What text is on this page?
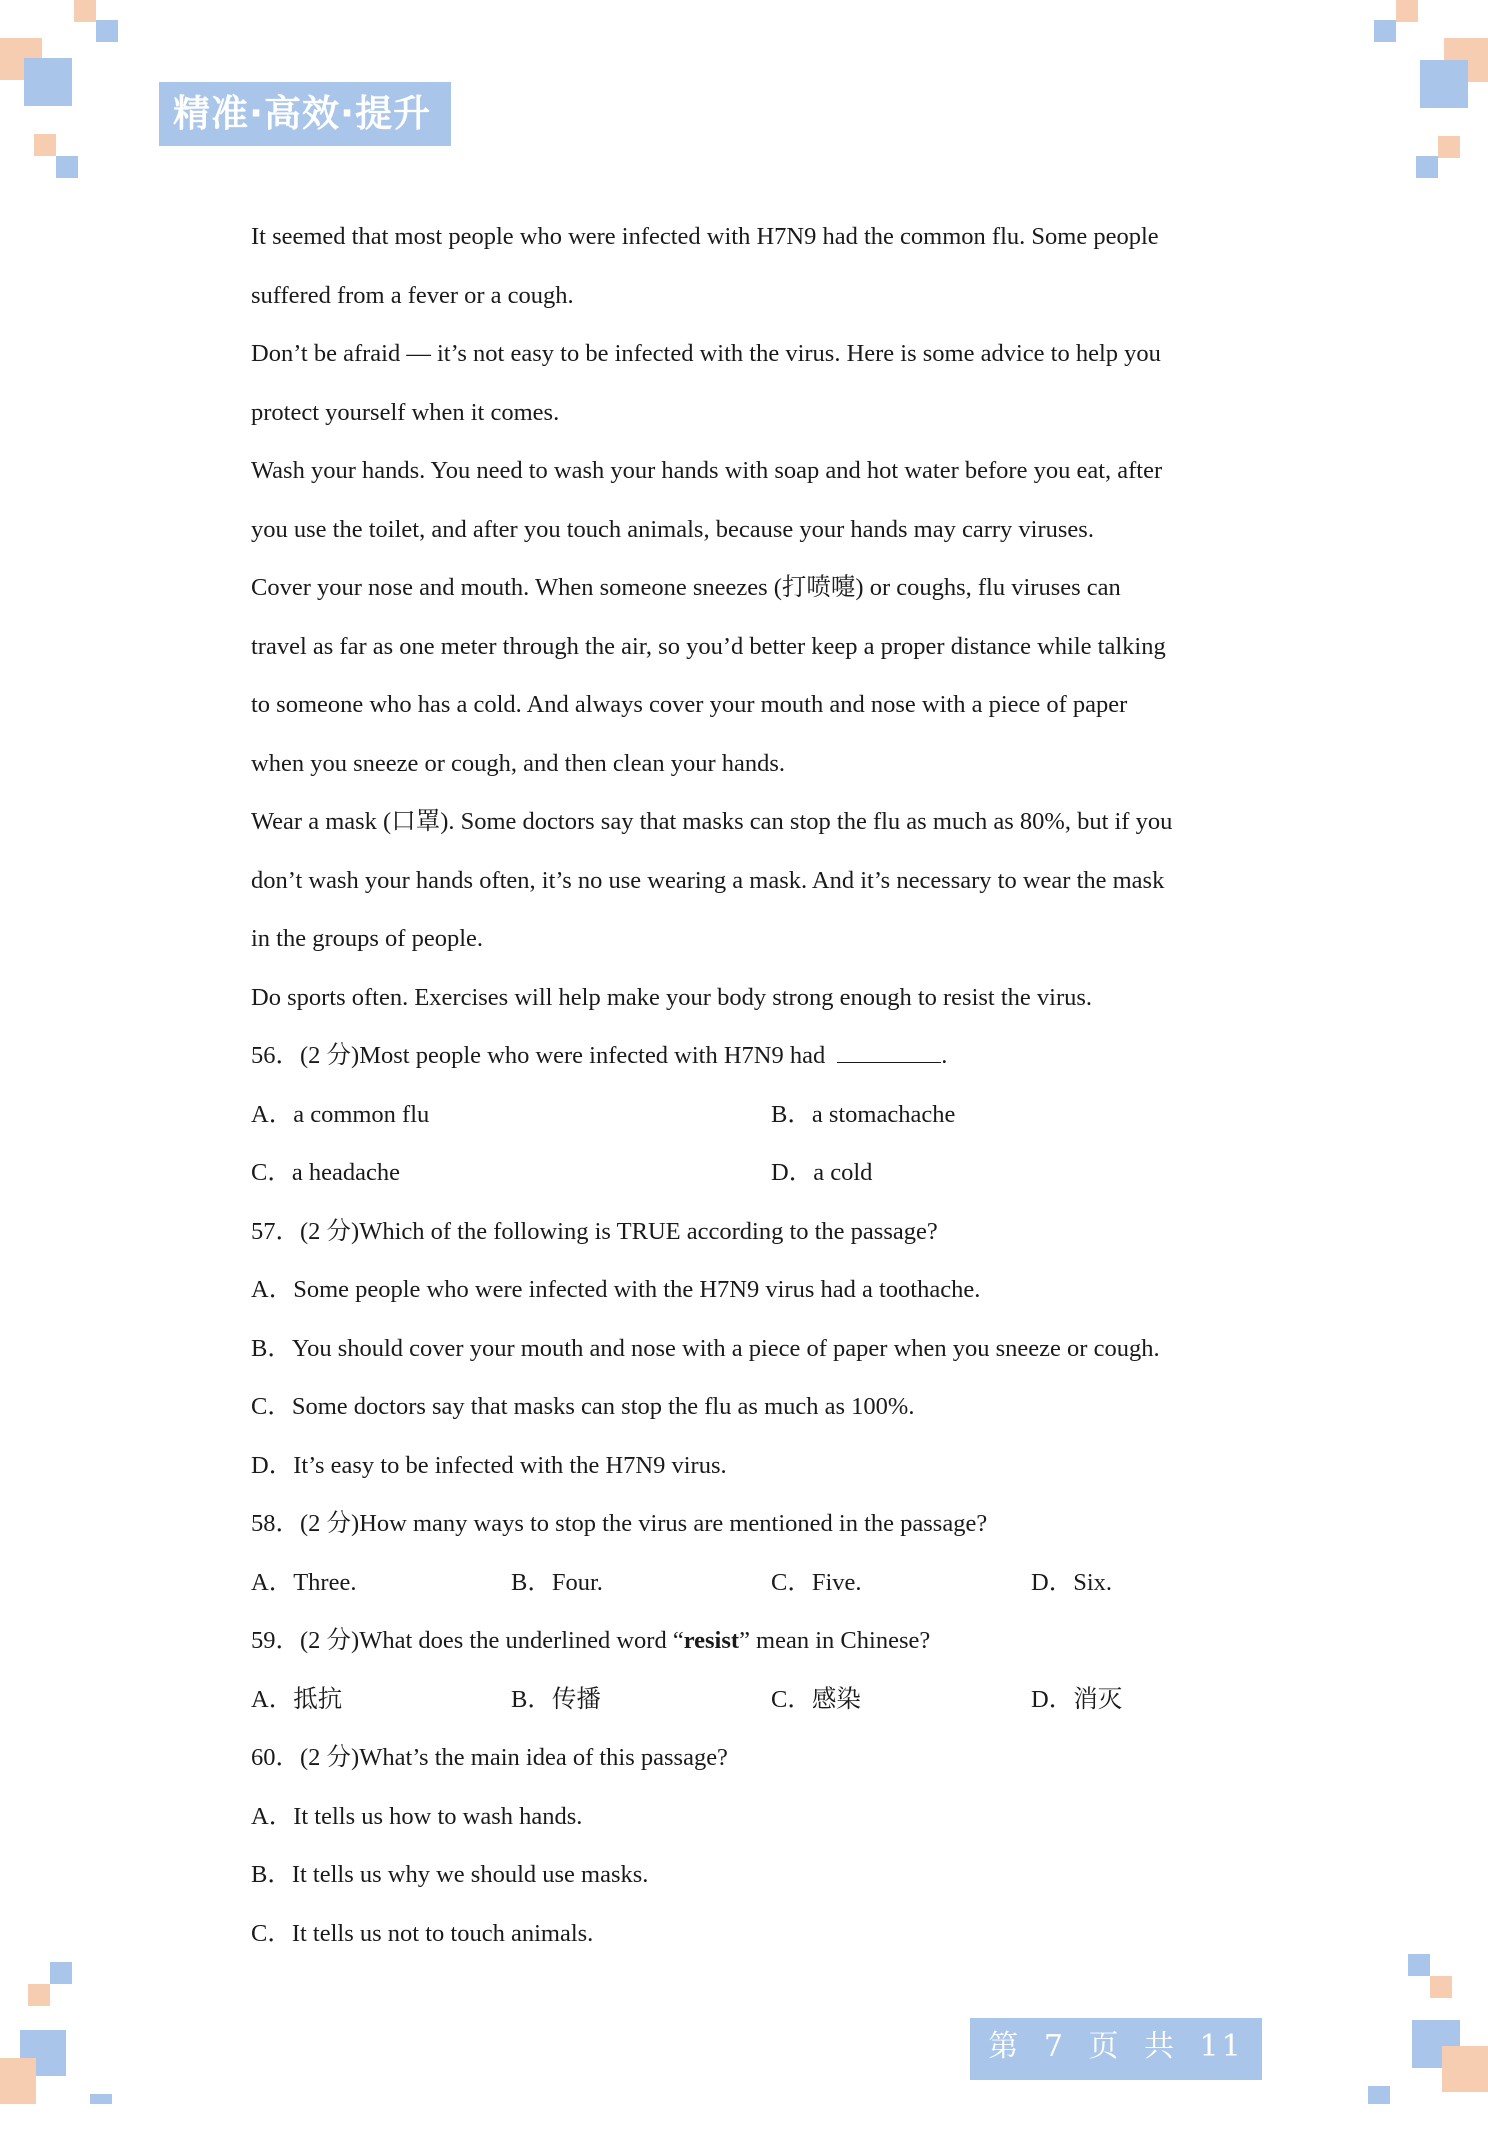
精准·高效·提升
It seemed that most people who were infected with H7N9 had the common flu. Some people
suffered from a fever or a cough.
Don’t be afraid — it’s not easy to be infected with the virus. Here is some advice to help you
protect yourself when it comes.
Wash your hands. You need to wash your hands with soap and hot water before you eat, after
you use the toilet, and after you touch animals, because your hands may carry viruses.
Cover your nose and mouth. When someone sneezes (打喷嚏) or coughs, flu viruses can
travel as far as one meter through the air, so you’d better keep a proper distance while talking
to someone who has a cold. And always cover your mouth and nose with a piece of paper
when you sneeze or cough, and then clean your hands.
Wear a mask (口罩). Some doctors say that masks can stop the flu as much as 80%, but if you
don’t wash your hands often, it’s no use wearing a mask. And it’s necessary to wear the mask
in the groups of people.
Do sports often. Exercises will help make your body strong enough to resist the virus.
56．(2 分)Most people who were infected with H7N9 had	.
A．a common flu	B．a stomachache
C．a headache	D．a cold
57．(2 分)Which of the following is TRUE according to the passage?
A．Some people who were infected with the H7N9 virus had a toothache.
B．You should cover your mouth and nose with a piece of paper when you sneeze or cough.
C．Some doctors say that masks can stop the flu as much as 100%.
D．It’s easy to be infected with the H7N9 virus.
58．(2 分)How many ways to stop the virus are mentioned in the passage?
A．Three.	B．Four.	C．Five.	D．Six.
59．(2 分)What does the underlined word “resist” mean in Chinese?
A．抵抗	B．传播	C．感染	D．消灭
60．(2 分)What’s the main idea of this passage?
A．It tells us how to wash hands.
B．It tells us why we should use masks.
C．It tells us not to touch animals.
第 7 页 共 11 页
